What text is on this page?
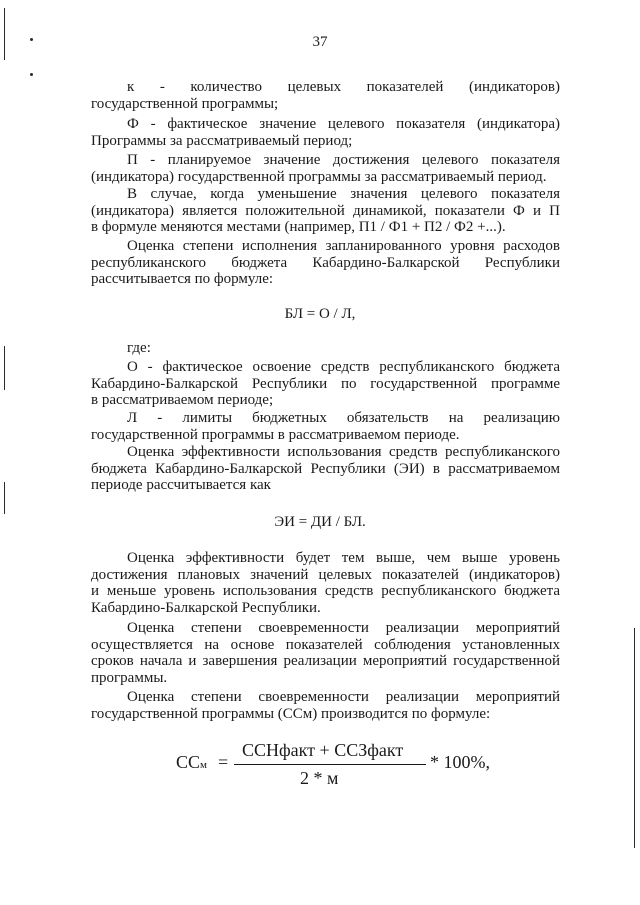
37
к - количество целевых показателей (индикаторов)
государственной программы;
Ф - фактическое значение целевого показателя (индикатора)
Программы за рассматриваемый период;
П - планируемое значение достижения целевого показателя
(индикатора) государственной программы за рассматриваемый период.
В случае, когда уменьшение значения целевого показателя
(индикатора) является положительной динамикой, показатели Ф и П
в формуле меняются местами (например, П1 / Ф1 + П2 / Ф2 +...).
Оценка степени исполнения запланированного уровня расходов
республиканского бюджета Кабардино-Балкарской Республики
рассчитывается по формуле:
БЛ = О / Л,
где:
О - фактическое освоение средств республиканского бюджета
Кабардино-Балкарской Республики по государственной программе
в рассматриваемом периоде;
Л - лимиты бюджетных обязательств на реализацию
государственной программы в рассматриваемом периоде.
Оценка эффективности использования средств республиканского
бюджета Кабардино-Балкарской Республики (ЭИ) в рассматриваемом
периоде рассчитывается как
ЭИ = ДИ / БЛ.
Оценка эффективности будет тем выше, чем выше уровень
достижения плановых значений целевых показателей (индикаторов)
и меньше уровень использования средств республиканского бюджета
Кабардино-Балкарской Республики.
Оценка степени своевременности реализации мероприятий
осуществляется на основе показателей соблюдения установленных
сроков начала и завершения реализации мероприятий государственной
программы.
Оценка степени своевременности реализации мероприятий
государственной программы (ССм) производится по формуле:
ССм =
ССНфакт + ССЗфакт
2 * м
* 100%,
